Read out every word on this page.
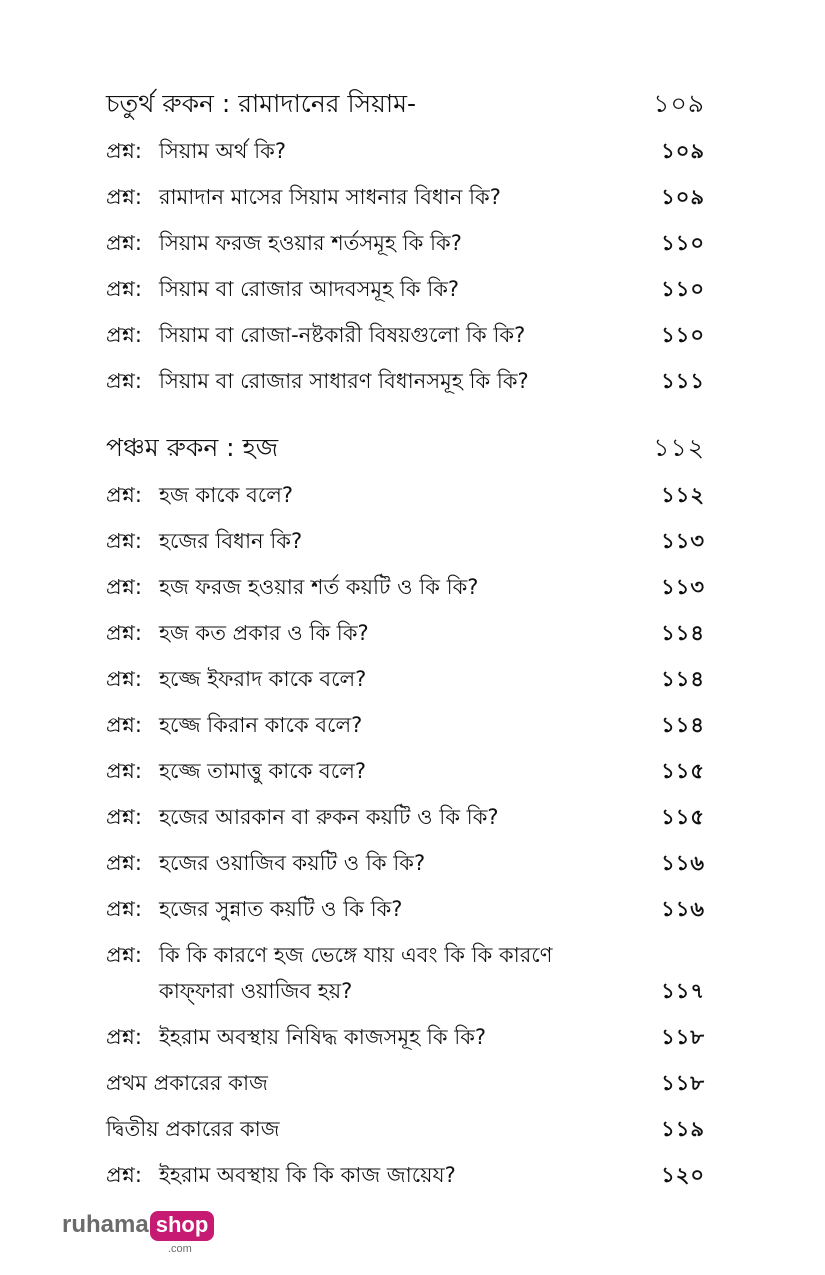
চতুর্থ রুকন : রামাদানের সিয়াম-	১০৯
প্রশ্ন: সিয়াম অর্থ কি?	১০৯
প্রশ্ন: রামাদান মাসের সিয়াম সাধনার বিধান কি?	১০৯
প্রশ্ন: সিয়াম ফরজ হওয়ার শর্তসমূহ কি কি?	১১০
প্রশ্ন: সিয়াম বা রোজার আদবসমূহ কি কি?	১১০
প্রশ্ন: সিয়াম বা রোজা-নষ্টকারী বিষয়গুলো কি কি?	১১০
প্রশ্ন: সিয়াম বা রোজার সাধারণ বিধানসমূহ কি কি?	১১১
পঞ্চম রুকন : হজ	১১২
প্রশ্ন: হজ কাকে বলে?	১১২
প্রশ্ন: হজের বিধান কি?	১১৩
প্রশ্ন: হজ ফরজ হওয়ার শর্ত কয়টি ও কি কি?	১১৩
প্রশ্ন: হজ কত প্রকার ও কি কি?	১১৪
প্রশ্ন: হজ্জে ইফরাদ কাকে বলে?	১১৪
প্রশ্ন: হজ্জে কিরান কাকে বলে?	১১৪
প্রশ্ন: হজ্জে তামাত্তু কাকে বলে?	১১৫
প্রশ্ন: হজের আরকান বা রুকন কয়টি ও কি কি?	১১৫
প্রশ্ন: হজের ওয়াজিব কয়টি ও কি কি?	১১৬
প্রশ্ন: হজের সুন্নাত কয়টি ও কি কি?	১১৬
প্রশ্ন: কি কি কারণে হজ ভেঙ্গে যায় এবং কি কি কারণে
কাফ্‌ফারা ওয়াজিব হয়?	১১৭
প্রশ্ন: ইহরাম অবস্থায় নিষিদ্ধ কাজসমূহ কি কি?	১১৮
প্রথম প্রকারের কাজ	১১৮
দ্বিতীয় প্রকারের কাজ	১১৯
প্রশ্ন: ইহরাম অবস্থায় কি কি কাজ জায়েয?	১২০
ruhama shop
.com
